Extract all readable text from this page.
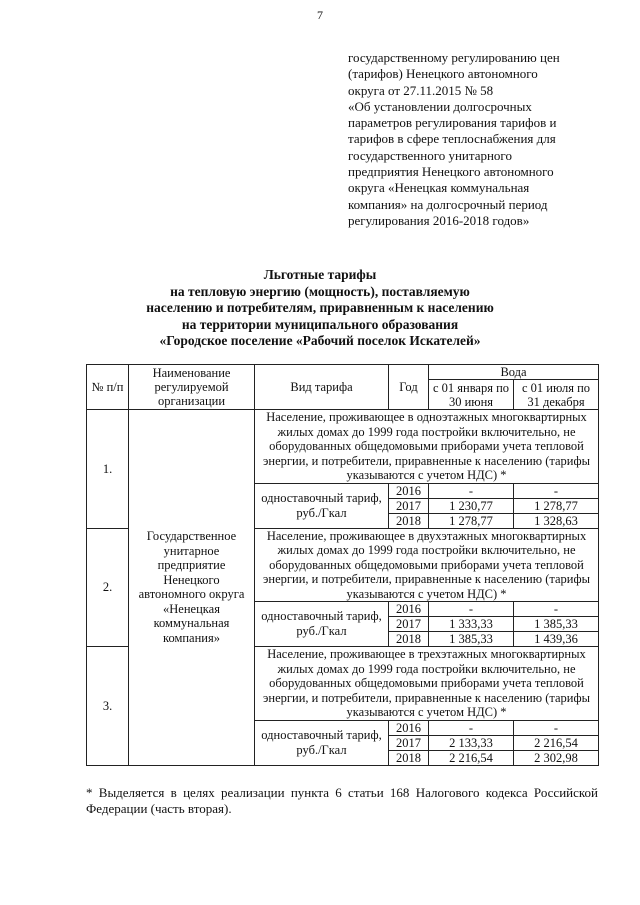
7
государственному регулированию цен
(тарифов) Ненецкого автономного
округа от 27.11.2015 № 58
«Об установлении долгосрочных
параметров регулирования тарифов и
тарифов в сфере теплоснабжения для
государственного унитарного
предприятия Ненецкого автономного
округа «Ненецкая коммунальная
компания» на долгосрочный период
регулирования 2016-2018 годов»
Льготные тарифы
на тепловую энергию (мощность), поставляемую
населению и потребителям, приравненным к населению
на территории муниципального образования
«Городское поселение «Рабочий поселок Искателей»
№ п/п	Наименование регулируемой организации	Вид тарифа	Год	Вода	
				с 01 января по 30 июня	с 01 июля по 31 декабря
1.	Государственное унитарное предприятие Ненецкого автономного округа «Ненецкая коммунальная компания»	Население, проживающее в одноэтажных многоквартирных жилых домах до 1999 года постройки включительно, не оборудованных общедомовыми приборами учета тепловой энергии, и потребители, приравненные к населению (тарифы указываются с учетом НДС) *			
		одноставочный тариф, руб./Гкал	2016	-	-
			2017	1 230,77	1 278,77
			2018	1 278,77	1 328,63
2.		Население, проживающее в двухэтажных многоквартирных жилых домах до 1999 года постройки включительно, не оборудованных общедомовыми приборами учета тепловой энергии, и потребители, приравненные к населению (тарифы указываются с учетом НДС) *			
		одноставочный тариф, руб./Гкал	2016	-	-
			2017	1 333,33	1 385,33
			2018	1 385,33	1 439,36
3.		Население, проживающее в трехэтажных многоквартирных жилых домах до 1999 года постройки включительно, не оборудованных общедомовыми приборами учета тепловой энергии, и потребители, приравненные к населению (тарифы указываются с учетом НДС) *			
		одноставочный тариф, руб./Гкал	2016	-	-
			2017	2 133,33	2 216,54
			2018	2 216,54	2 302,98
* Выделяется в целях реализации пункта 6 статьи 168 Налогового кодекса Российской Федерации (часть вторая).
